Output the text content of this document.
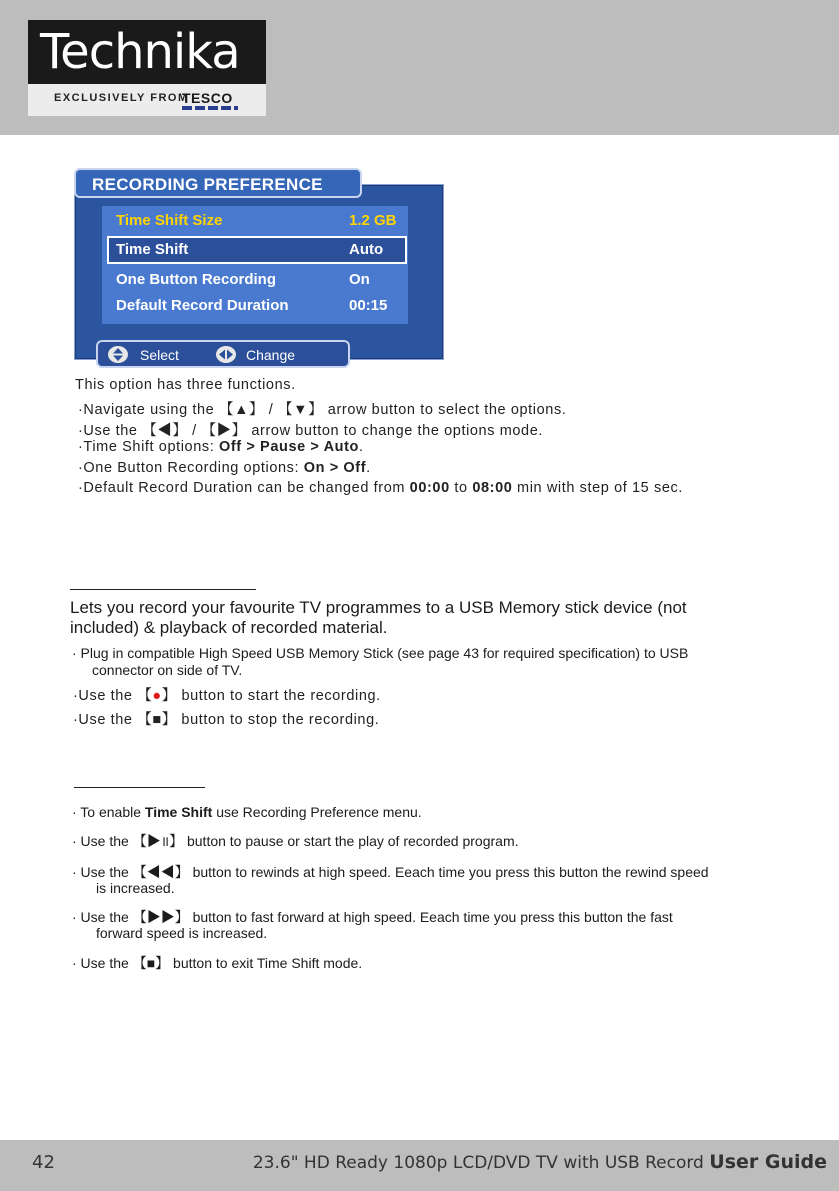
Technika
EXCLUSIVELY FROM
TESCO
RECORDING PREFERENCE
Time Shift Size	1.2 GB
Time Shift	Auto
One Button Recording	On
Default Record Duration	00:15
Select	Change
This option has three functions.
·Navigate using the 【▲】 / 【▼】 arrow button to select the options.
·Use the 【◀】 / 【▶】 arrow button to change the options mode.
·Time Shift options: Off > Pause > Auto.
·One Button Recording options: On > Off.
·Default Record Duration can be changed from 00:00 to 08:00 min with step of 15 sec.
Lets you record your favourite TV programmes to a USB Memory stick device (not
included) & playback of recorded material.
· Plug in compatible High Speed USB Memory Stick (see page 43 for required specification) to USB
connector on side of TV.
·Use the 【●】 button to start the recording.
·Use the 【■】 button to stop the recording.
· To enable Time Shift use Recording Preference menu.
· Use the 【▶॥】 button to pause or start the play of recorded program.
· Use the 【◀◀】 button to rewinds at high speed. Eeach time you press this button the rewind speed
is increased.
· Use the 【▶▶】 button to fast forward at high speed. Eeach time you press this button the fast
forward speed is increased.
· Use the 【■】 button to exit Time Shift mode.
42	23.6" HD Ready 1080p LCD/DVD TV with USB Record User Guide
